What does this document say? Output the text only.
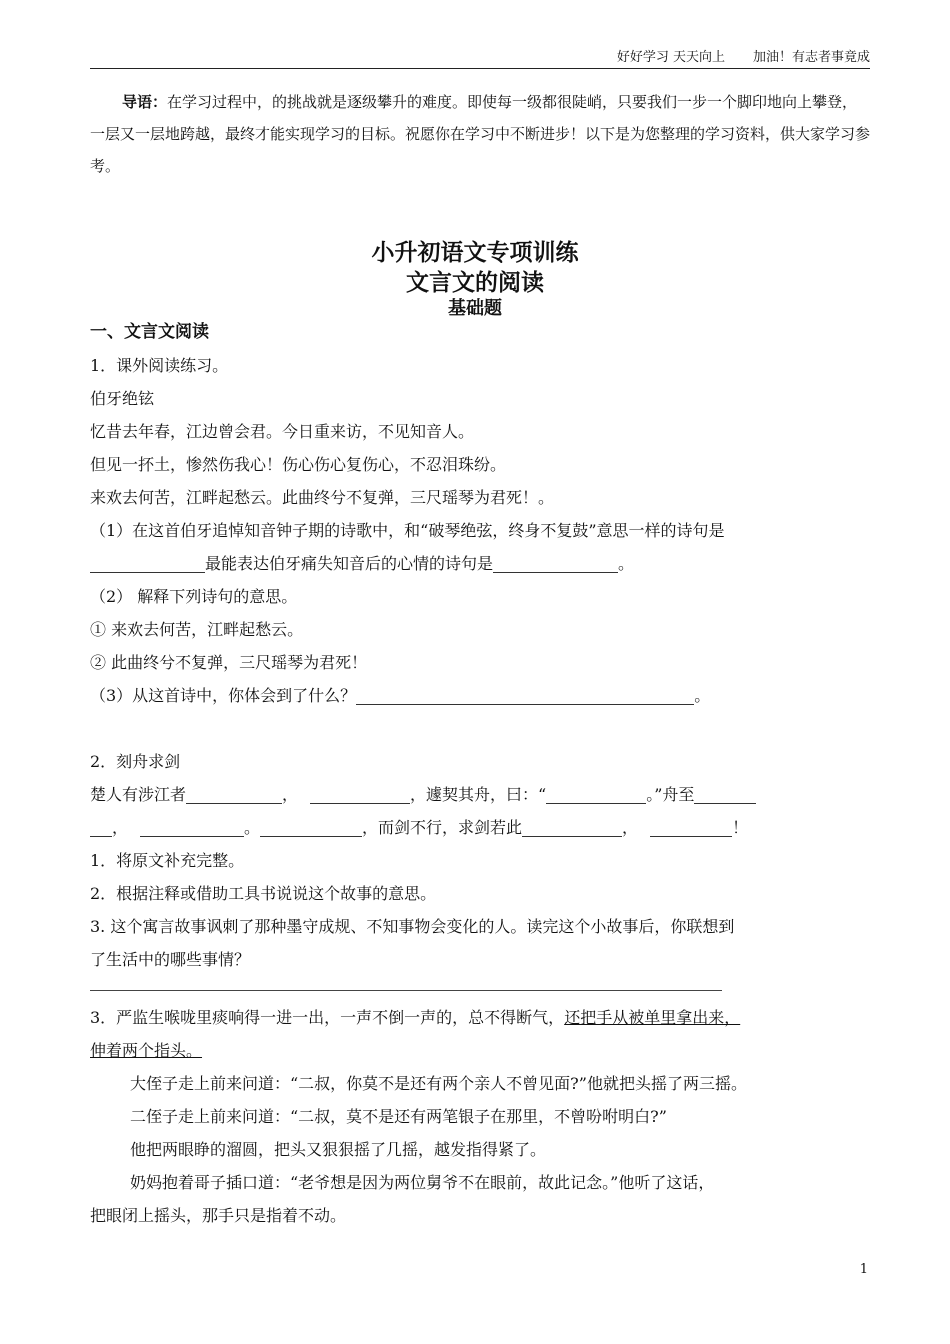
好好学习 天天向上 加油！有志者事竟成
导语：在学习过程中，的挑战就是逐级攀升的难度。即使每一级都很陡峭，只要我们一步一个脚印地向上攀登，一层又一层地跨越，最终才能实现学习的目标。祝愿你在学习中不断进步！以下是为您整理的学习资料，供大家学习参考。
小升初语文专项训练
文言文的阅读
基础题
一、文言文阅读
1．课外阅读练习。
伯牙绝铉
忆昔去年春，江边曾会君。今日重来访，不见知音人。
但见一抔土，惨然伤我心！伤心伤心复伤心，不忍泪珠纷。
来欢去何苦，江畔起愁云。此曲终兮不复弹，三尺瑶琴为君死！。
（1）在这首伯牙追悼知音钟子期的诗歌中，和“破琴绝弦，终身不复鼓”意思一样的诗句是
最能表达伯牙痛失知音后的心情的诗句是	。
（2） 解释下列诗句的意思。
① 来欢去何苦，江畔起愁云。
② 此曲终兮不复弹，三尺瑶琴为君死！
（3）从这首诗中，你体会到了什么？	。
2．刻舟求剑
楚人有涉江者	，	，遽契其舟，曰：“	。”舟至
，	。	，而剑不行，求剑若此	，	！
1．将原文补充完整。
2．根据注释或借助工具书说说这个故事的意思。
3. 这个寓言故事讽刺了那种墨守成规、不知事物会变化的人。读完这个小故事后，你联想到
了生活中的哪些事情？
3．严监生喉咙里痰响得一进一出，一声不倒一声的，总不得断气，还把手从被单里拿出来，
伸着两个指头。
大侄子走上前来问道：“二叔，你莫不是还有两个亲人不曾见面?”他就把头摇了两三摇。
二侄子走上前来问道：“二叔，莫不是还有两笔银子在那里，不曾吩咐明白?”
他把两眼睁的溜圆，把头又狠狠摇了几摇，越发指得紧了。
奶妈抱着哥子插口道：“老爷想是因为两位舅爷不在眼前，故此记念。”他听了这话，
把眼闭上摇头，那手只是指着不动。
1
